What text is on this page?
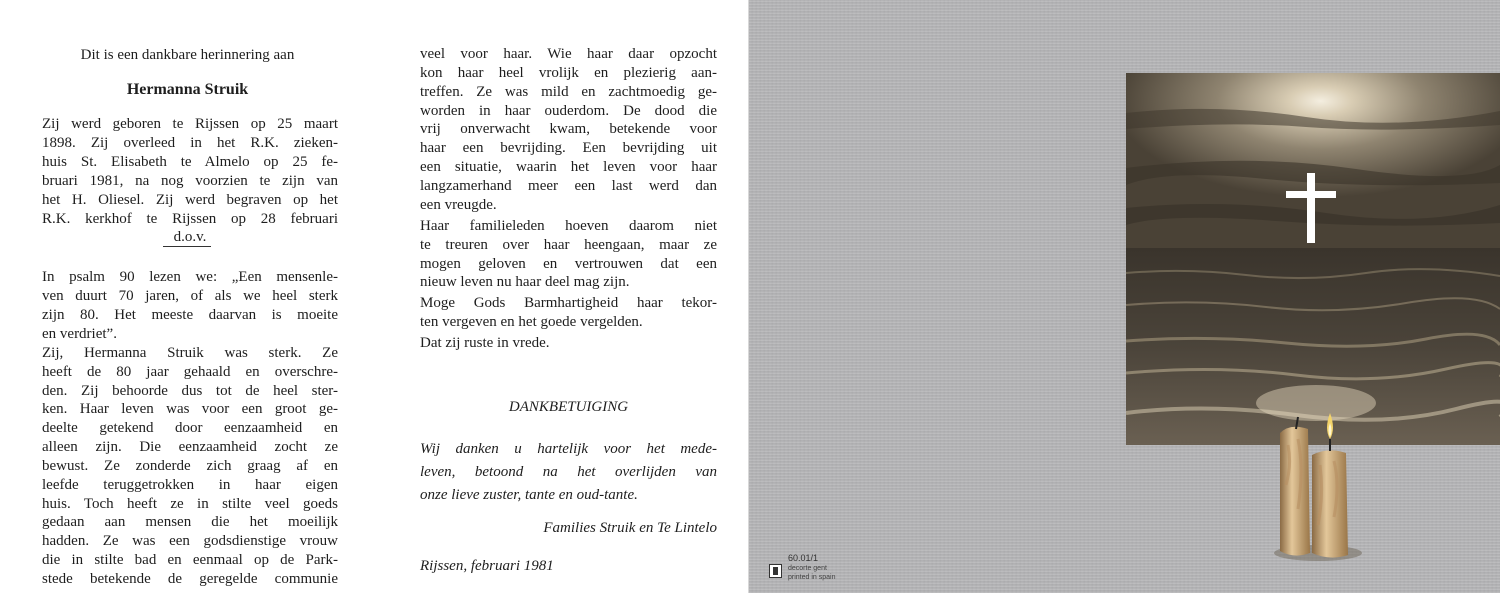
Dit is een dankbare herinnering aan
Hermanna Struik
Zij werd geboren te Rijssen op 25 maart
1898. Zij overleed in het R.K. zieken-
huis St. Elisabeth te Almelo op 25 fe-
bruari 1981, na nog voorzien te zijn van
het H. Oliesel. Zij werd begraven op het
R.K. kerkhof te Rijssen op 28 februari
d.o.v.
In psalm 90 lezen we: „Een mensenle-
ven duurt 70 jaren, of als we heel sterk
zijn 80. Het meeste daarvan is moeite
en verdriet”.
Zij, Hermanna Struik was sterk. Ze
heeft de 80 jaar gehaald en overschre-
den. Zij behoorde dus tot de heel ster-
ken. Haar leven was voor een groot ge-
deelte getekend door eenzaamheid en
alleen zijn. Die eenzaamheid zocht ze
bewust. Ze zonderde zich graag af en
leefde teruggetrokken in haar eigen
huis. Toch heeft ze in stilte veel goeds
gedaan aan mensen die het moeilijk
hadden. Ze was een godsdienstige vrouw
die in stilte bad en eenmaal op de Park-
stede betekende de geregelde communie
veel voor haar. Wie haar daar opzocht
kon haar heel vrolijk en plezierig aan-
treffen. Ze was mild en zachtmoedig ge-
worden in haar ouderdom. De dood die
vrij onverwacht kwam, betekende voor
haar een bevrijding. Een bevrijding uit
een situatie, waarin het leven voor haar
langzamerhand meer een last werd dan
een vreugde.
Haar familieleden hoeven daarom niet
te treuren over haar heengaan, maar ze
mogen geloven en vertrouwen dat een
nieuw leven nu haar deel mag zijn.
Moge Gods Barmhartigheid haar tekor-
ten vergeven en het goede vergelden.
Dat zij ruste in vrede.
DANKBETUIGING
Wij danken u hartelijk voor het mede-
leven, betoond na het overlijden van
onze lieve zuster, tante en oud-tante.
Families Struik en Te Lintelo
Rijssen, februari 1981	60.01/1
decorte gent
printed in spain
